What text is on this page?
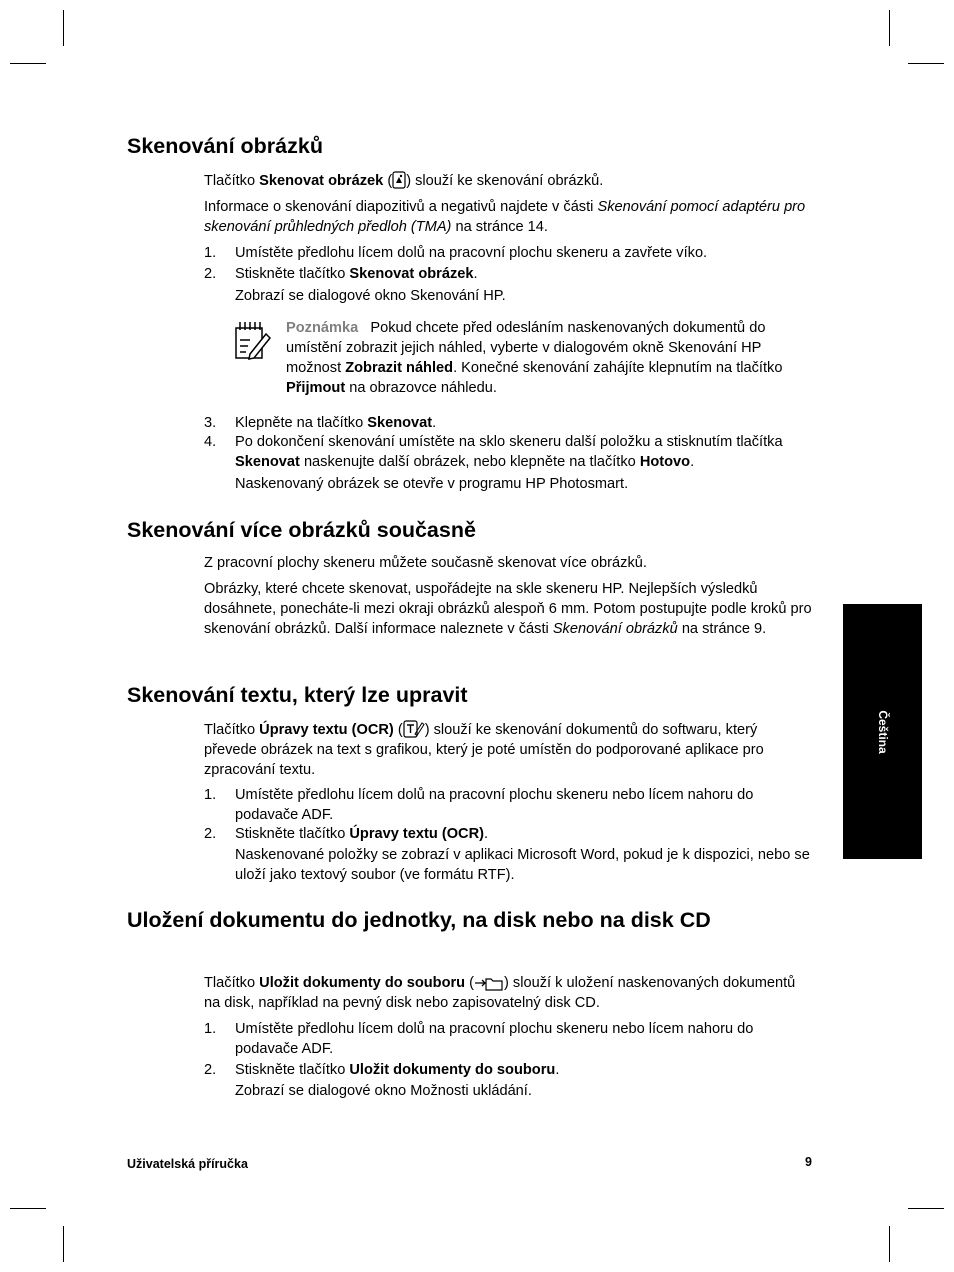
Skenování obrázků
Tlačítko Skenovat obrázek ( ) slouží ke skenování obrázků.
Informace o skenování diapozitivů a negativů najdete v části Skenování pomocí adaptéru pro skenování průhledných předloh (TMA) na stránce 14.
1. Umístěte předlohu lícem dolů na pracovní plochu skeneru a zavřete víko.
2. Stiskněte tlačítko Skenovat obrázek.
Zobrazí se dialogové okno Skenování HP.
Poznámka Pokud chcete před odesláním naskenovaných dokumentů do umístění zobrazit jejich náhled, vyberte v dialogovém okně Skenování HP možnost Zobrazit náhled. Konečné skenování zahájíte klepnutím na tlačítko Přijmout na obrazovce náhledu.
3. Klepněte na tlačítko Skenovat.
4. Po dokončení skenování umístěte na sklo skeneru další položku a stisknutím tlačítka Skenovat naskenujte další obrázek, nebo klepněte na tlačítko Hotovo.
Naskenovaný obrázek se otevře v programu HP Photosmart.
Skenování více obrázků současně
Z pracovní plochy skeneru můžete současně skenovat více obrázků.
Obrázky, které chcete skenovat, uspořádejte na skle skeneru HP. Nejlepších výsledků dosáhnete, ponecháte-li mezi okraji obrázků alespoň 6 mm. Potom postupujte podle kroků pro skenování obrázků. Další informace naleznete v části Skenování obrázků na stránce 9.
Skenování textu, který lze upravit
Tlačítko Úpravy textu (OCR) ( ) slouží ke skenování dokumentů do softwaru, který převede obrázek na text s grafikou, který je poté umístěn do podporované aplikace pro zpracování textu.
1. Umístěte předlohu lícem dolů na pracovní plochu skeneru nebo lícem nahoru do podavače ADF.
2. Stiskněte tlačítko Úpravy textu (OCR).
Naskenované položky se zobrazí v aplikaci Microsoft Word, pokud je k dispozici, nebo se uloží jako textový soubor (ve formátu RTF).
Uložení dokumentu do jednotky, na disk nebo na disk CD
Tlačítko Uložit dokumenty do souboru ( ) slouží k uložení naskenovaných dokumentů na disk, například na pevný disk nebo zapisovatelný disk CD.
1. Umístěte předlohu lícem dolů na pracovní plochu skeneru nebo lícem nahoru do podavače ADF.
2. Stiskněte tlačítko Uložit dokumenty do souboru.
Zobrazí se dialogové okno Možnosti ukládání.
Čeština
Uživatelská příručka	9
